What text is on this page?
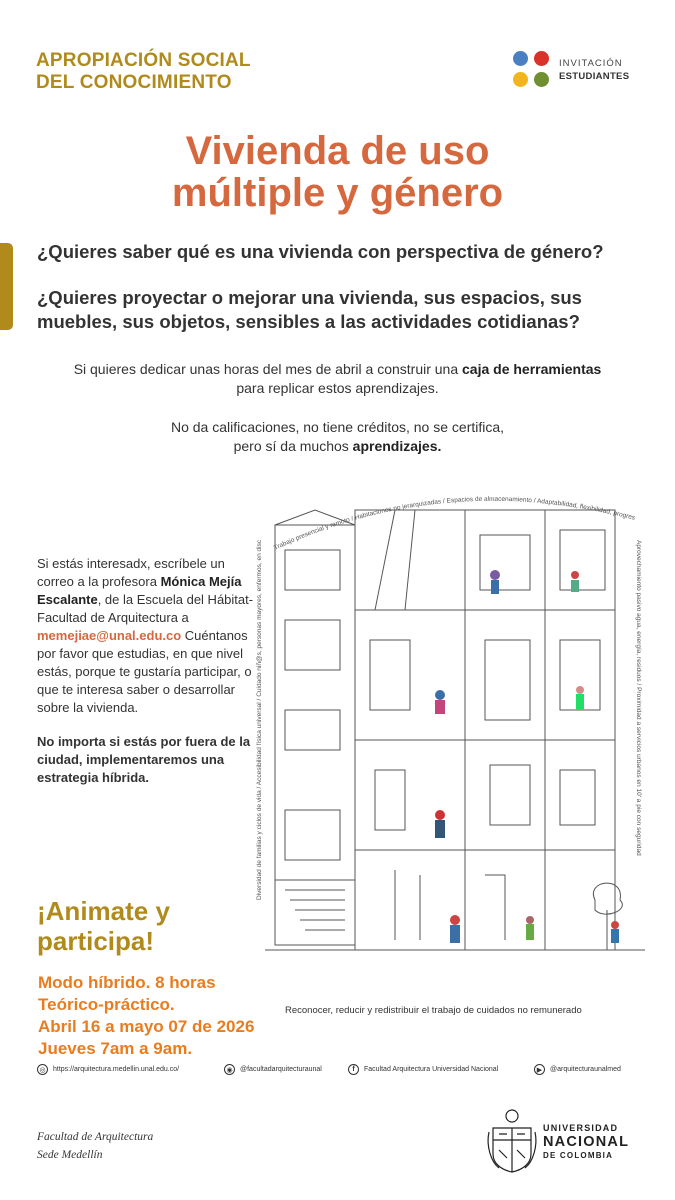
APROPIACIÓN SOCIAL
DEL CONOCIMIENTO
INVITACIÓN
ESTUDIANTES
Vivienda de uso
múltiple y género
¿Quieres saber qué es una vivienda con perspectiva de género?
¿Quieres proyectar o mejorar una vivienda, sus espacios, sus muebles, sus objetos, sensibles a las actividades cotidianas?
Si quieres dedicar unas horas del mes de abril a construir una caja de herramientas
para replicar estos aprendizajes.
No da calificaciones, no tiene créditos, no se certifica,
pero sí da muchos aprendizajes.
Si estás interesadx, escríbele un correo a la profesora Mónica Mejía Escalante, de la Escuela del Hábitat-Facultad de Arquitectura a memejiae@unal.edu.co Cuéntanos por favor que estudias, en que nivel estás, porque te gustaría participar, o que te interesa saber o desarrollar sobre la vivienda.
No importa si estás por fuera de la ciudad, implementaremos una estrategia híbrida.
¡Animate y
participa!
Modo híbrido. 8 horas
Teórico-práctico.
Abril 16 a mayo 07 de 2026
Jueves 7am a 9am.
Trabajo presencial y remoto / Habitaciones no jerarquizadas / Espacios de almacenamiento / Adaptabilidad, flexibilidad, progres
Diversidad de familias y ciclos de vida / Accesibilidad física universal / Cuidado niñ@s, personas mayores, enfermos, en disc	Aprovechamiento pasivo agua, energía, residuos / Proximidad a servicios urbanos en 10' a pie con seguridad
Reconocer, reducir y redistribuir el trabajo de cuidados no remunerado
◎	https://arquitectura.medellin.unal.edu.co/	◉	@facultadarquitecturaunal	f	Facultad Arquitectura Universidad Nacional	▶	@arquitecturaunalmed
Facultad de Arquitectura
Sede Medellín
UNIVERSIDAD
NACIONAL
DE COLOMBIA
